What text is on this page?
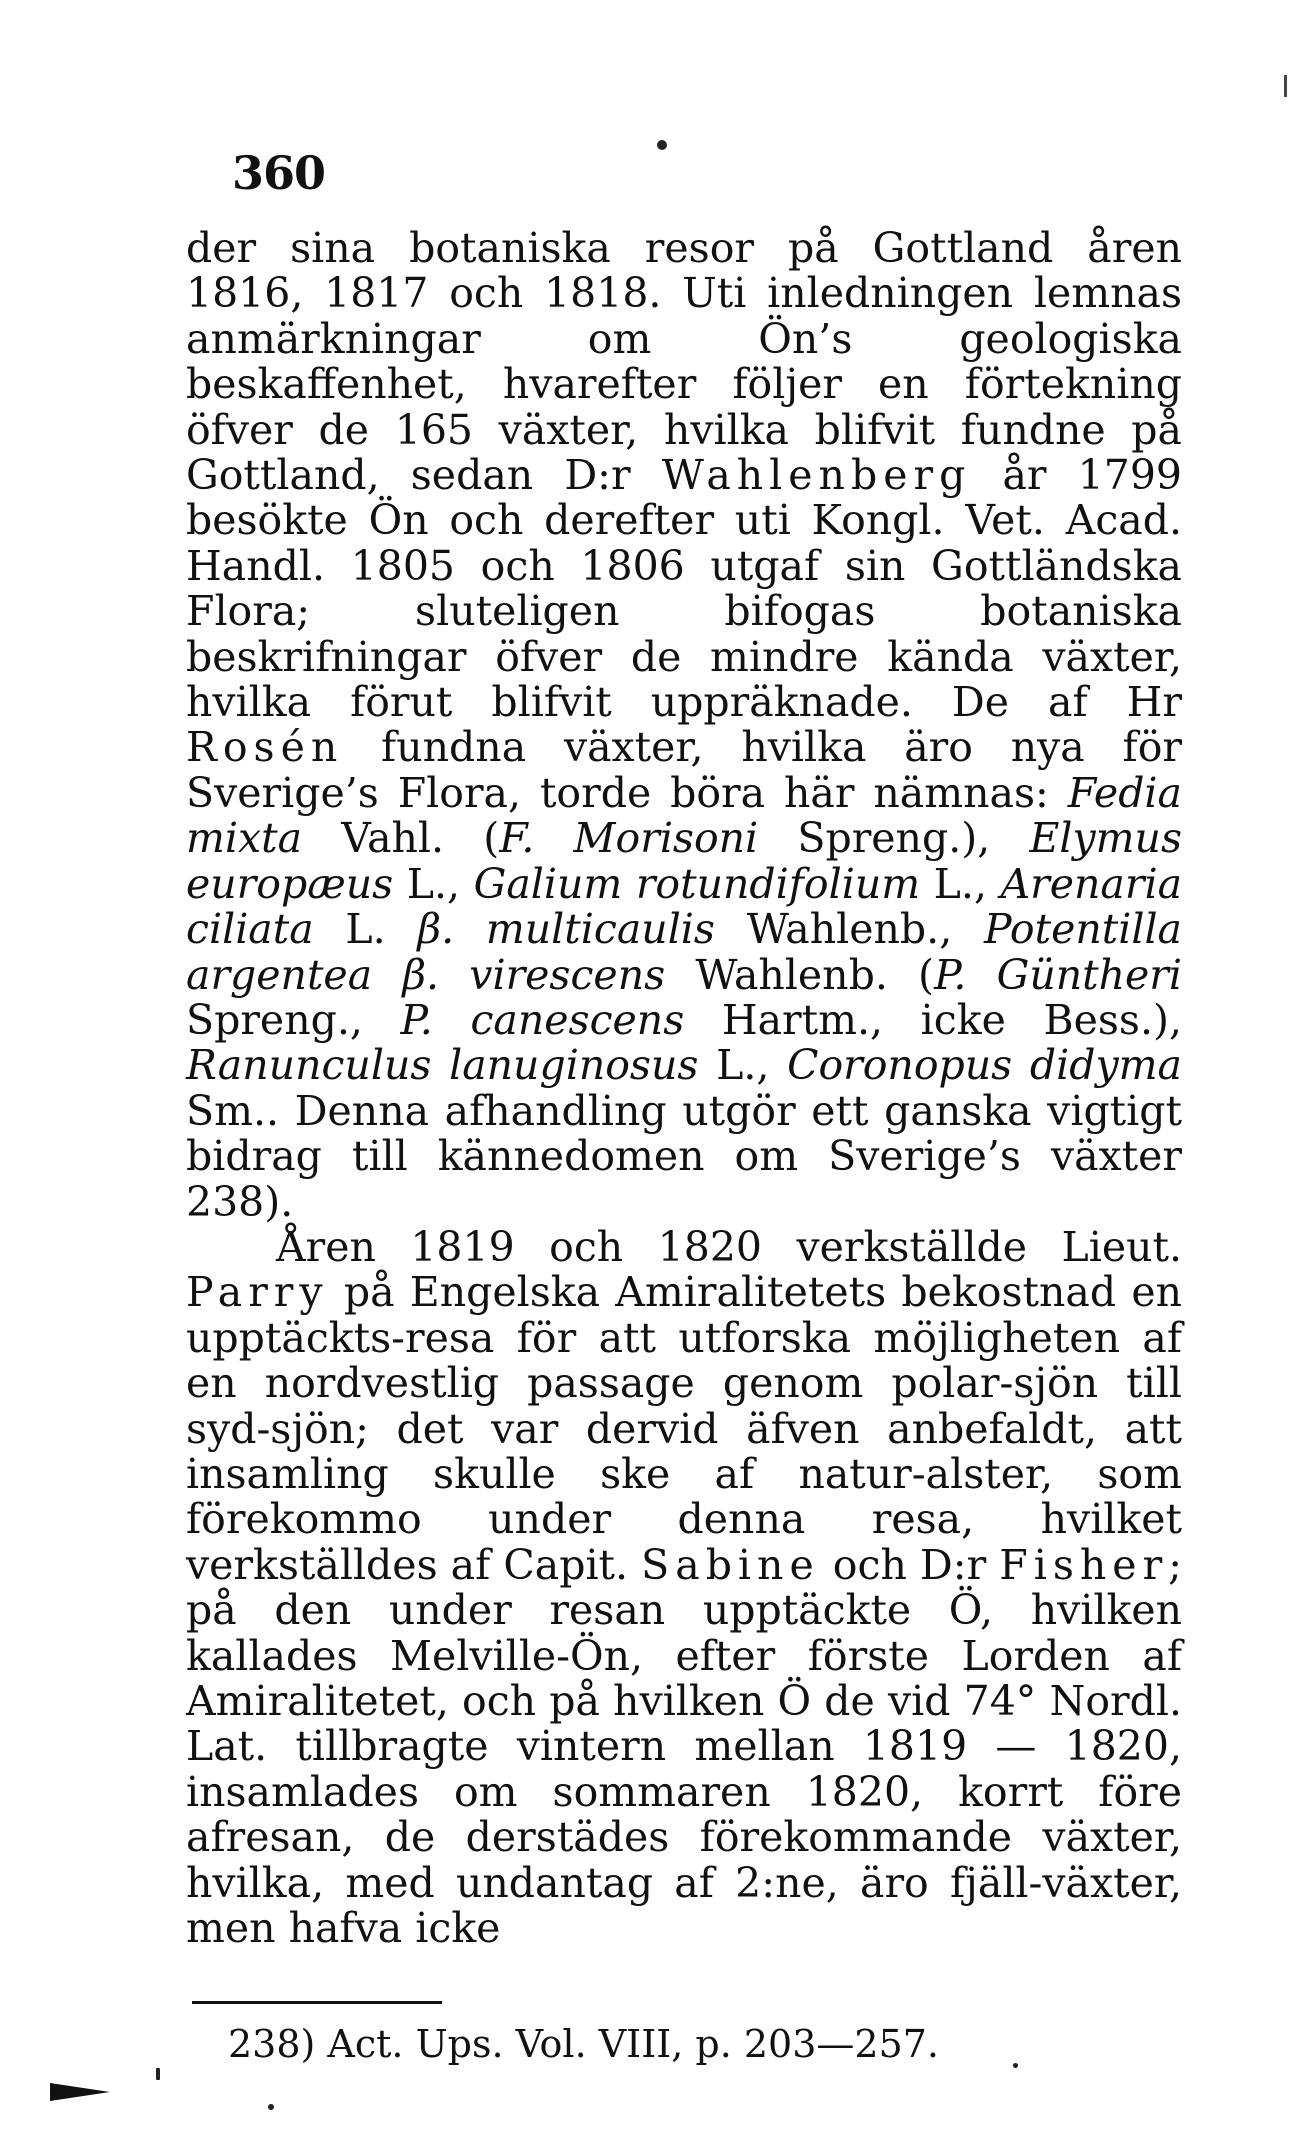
360

der sina botaniska resor på Gottland åren 1816, 1817 och 1818. Uti inledningen lemnas anmärkningar om Ön’s geologiska beskaffenhet, hvarefter följer en förtekning öfver de 165 växter, hvilka blifvit fundne på Gottland, sedan D:r Wahlenberg år 1799 besökte Ön och derefter uti Kongl. Vet. Acad. Handl. 1805 och 1806 utgaf sin Gottländska Flora; sluteligen bifogas botaniska beskrifningar öfver de mindre kända växter, hvilka förut blifvit uppräknade. De af Hr Rosén fundna växter, hvilka äro nya för Sverige’s Flora, torde böra här nämnas: Fedia mixta Vahl. (F. Morisoni Spreng.), Elymus europæus L., Galium rotundifolium L., Arenaria ciliata L. β. multicaulis Wahlenb., Potentilla argentea β. virescens Wahlenb. (P. Güntheri Spreng., P. canescens Hartm., icke Bess.), Ranunculus lanuginosus L., Coronopus didyma Sm.. Denna afhandling utgör ett ganska vigtigt bidrag till kännedomen om Sverige’s växter 238).

Åren 1819 och 1820 verkställde Lieut. Parry på Engelska Amiralitetets bekostnad en upptäckts-resa för att utforska möjligheten af en nordvestlig passage genom polar-sjön till syd-sjön; det var dervid äfven anbefaldt, att insamling skulle ske af natur-alster, som förekommo under denna resa, hvilket verkställdes af Capit. Sabine och D:r Fisher; på den under resan upptäckte Ö, hvilken kallades Melville-Ön, efter förste Lorden af Amiralitetet, och på hvilken Ö de vid 74° Nordl. Lat. tillbragte vintern mellan 1819 — 1820, insamlades om sommaren 1820, korrt före afresan, de derstädes förekommande växter, hvilka, med undantag af 2:ne, äro fjäll-växter, men hafva icke

238) Act. Ups. Vol. VIII, p. 203—257.
